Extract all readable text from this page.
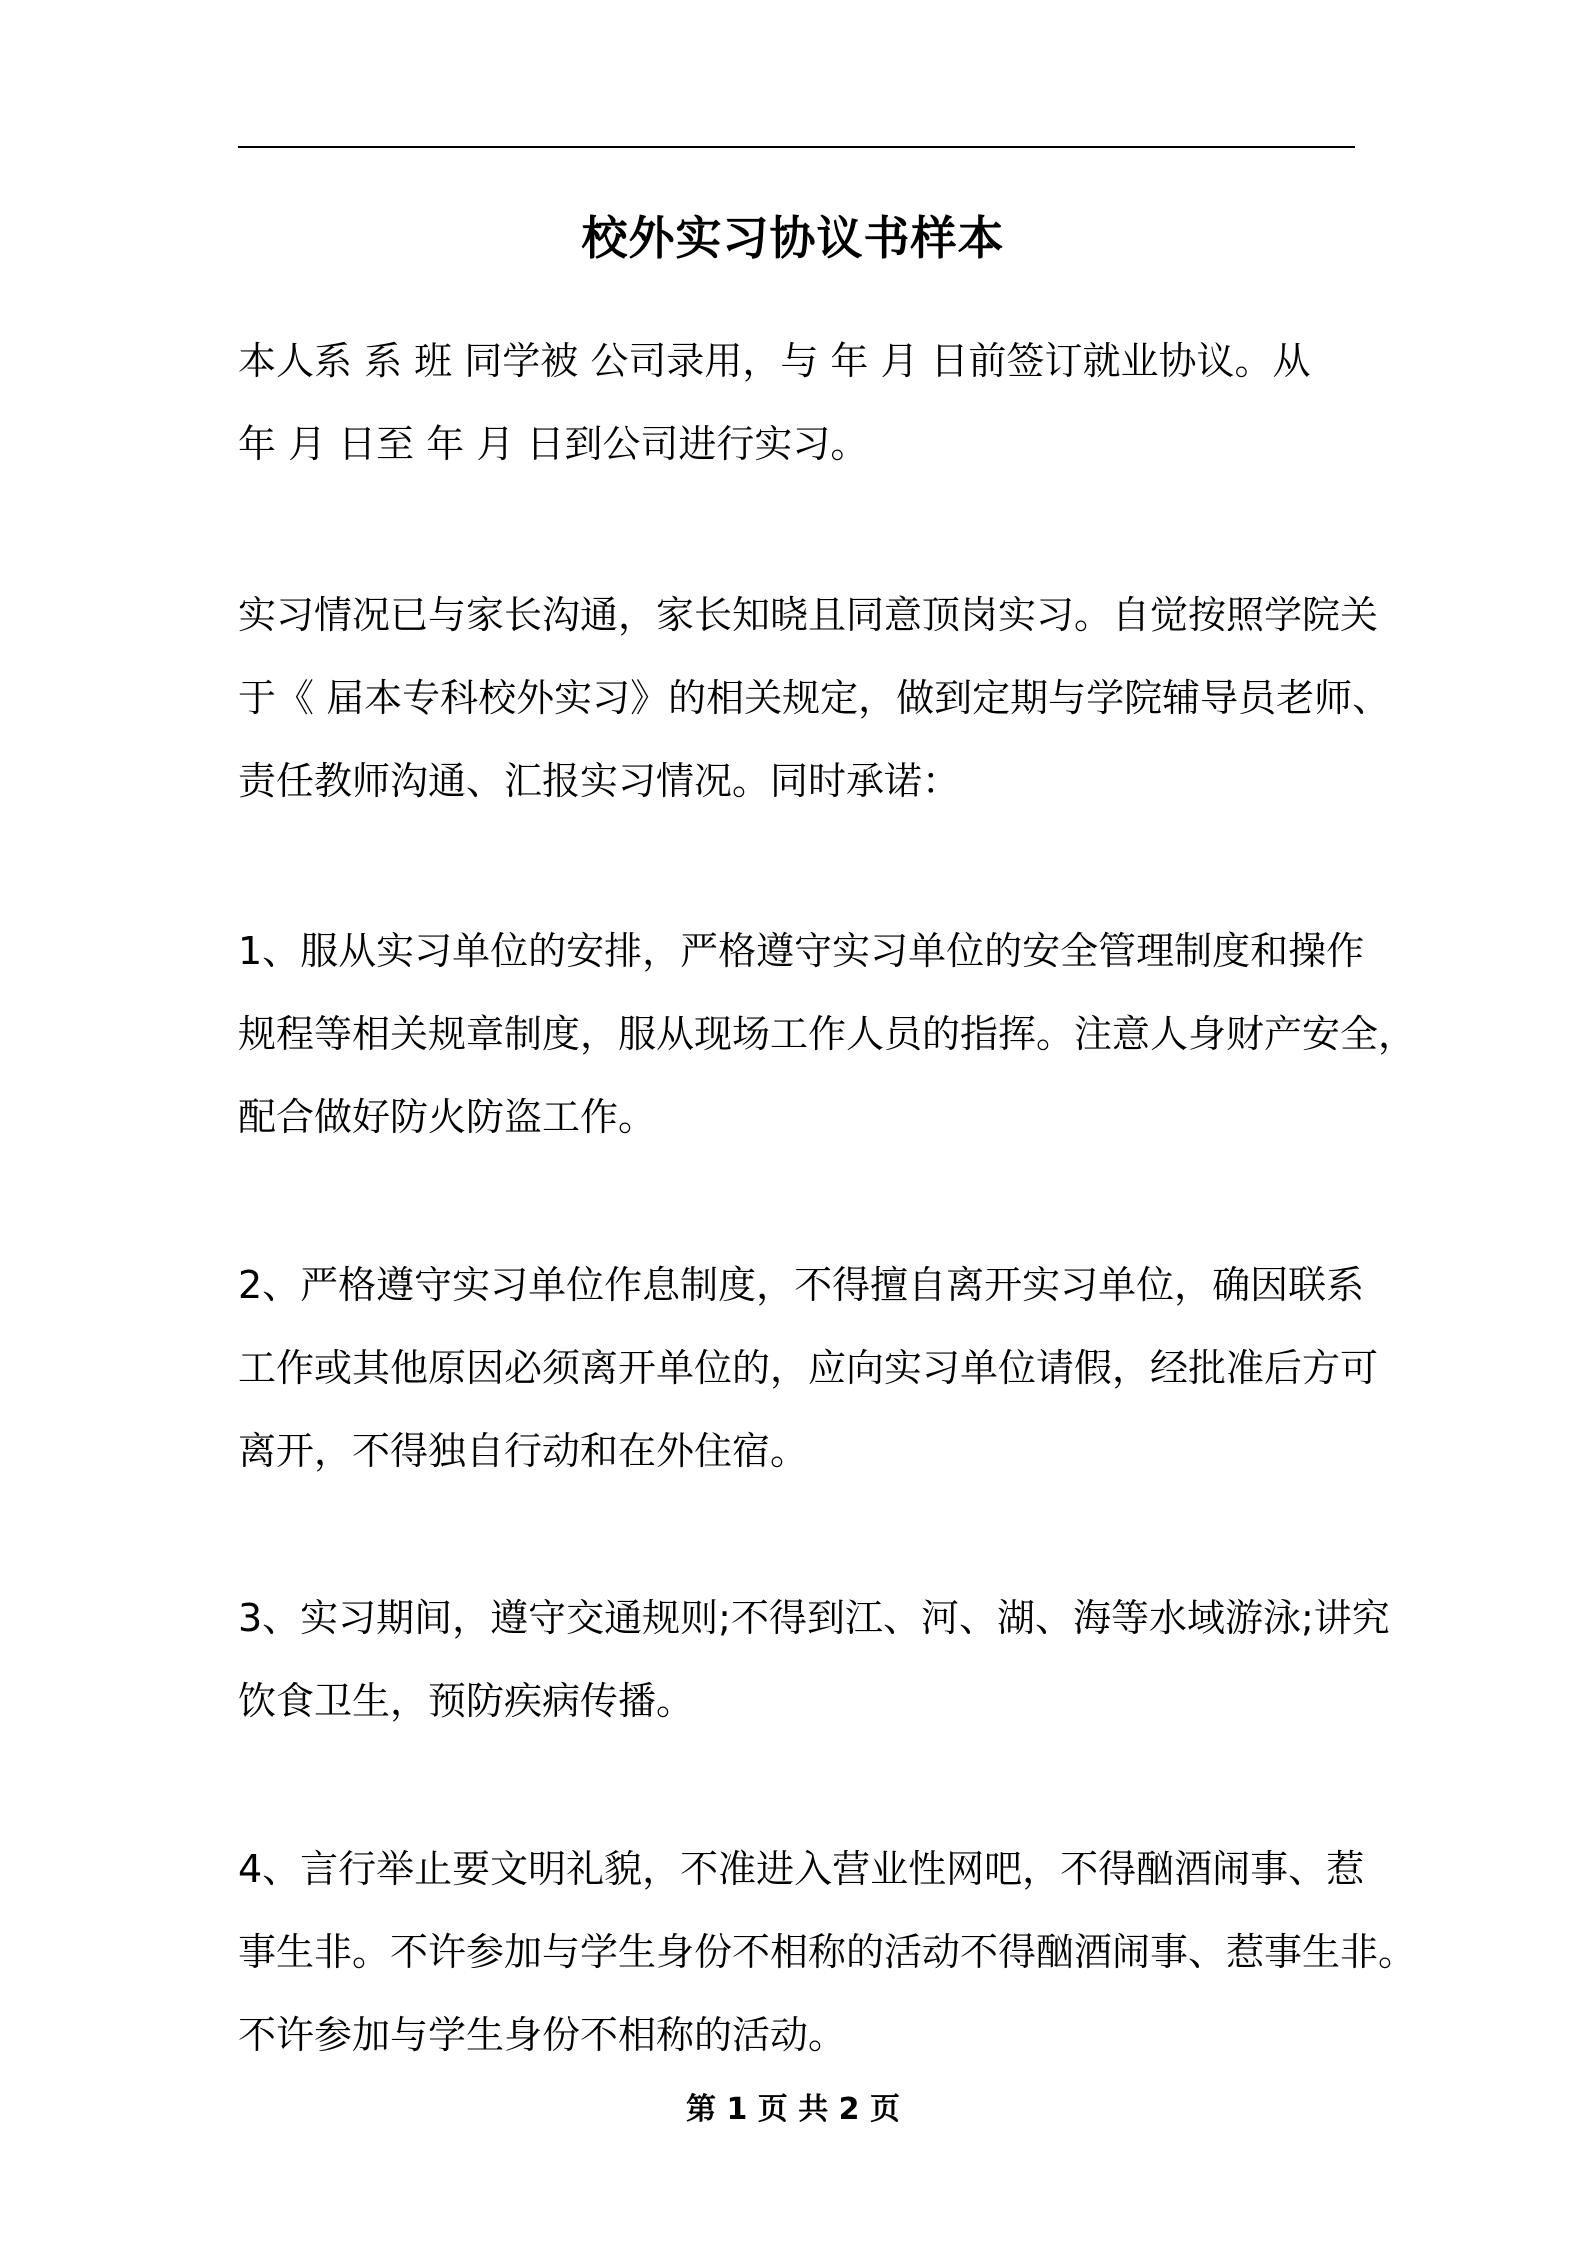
校外实习协议书样本

本人系 系 班 同学被 公司录用，与 年 月 日前签订就业协议。从
年 月 日至 年 月 日到公司进行实习。

实习情况已与家长沟通，家长知晓且同意顶岗实习。自觉按照学院关
于《 届本专科校外实习》的相关规定，做到定期与学院辅导员老师、
责任教师沟通、汇报实习情况。同时承诺：

1、服从实习单位的安排，严格遵守实习单位的安全管理制度和操作
规程等相关规章制度，服从现场工作人员的指挥。注意人身财产安全，
配合做好防火防盗工作。

2、严格遵守实习单位作息制度，不得擅自离开实习单位，确因联系
工作或其他原因必须离开单位的，应向实习单位请假，经批准后方可
离开，不得独自行动和在外住宿。

3、实习期间，遵守交通规则;不得到江、河、湖、海等水域游泳;讲究
饮食卫生，预防疾病传播。

4、言行举止要文明礼貌，不准进入营业性网吧，不得酗酒闹事、惹
事生非。不许参加与学生身份不相称的活动不得酗酒闹事、惹事生非。
不许参加与学生身份不相称的活动。

第 1 页 共 2 页
